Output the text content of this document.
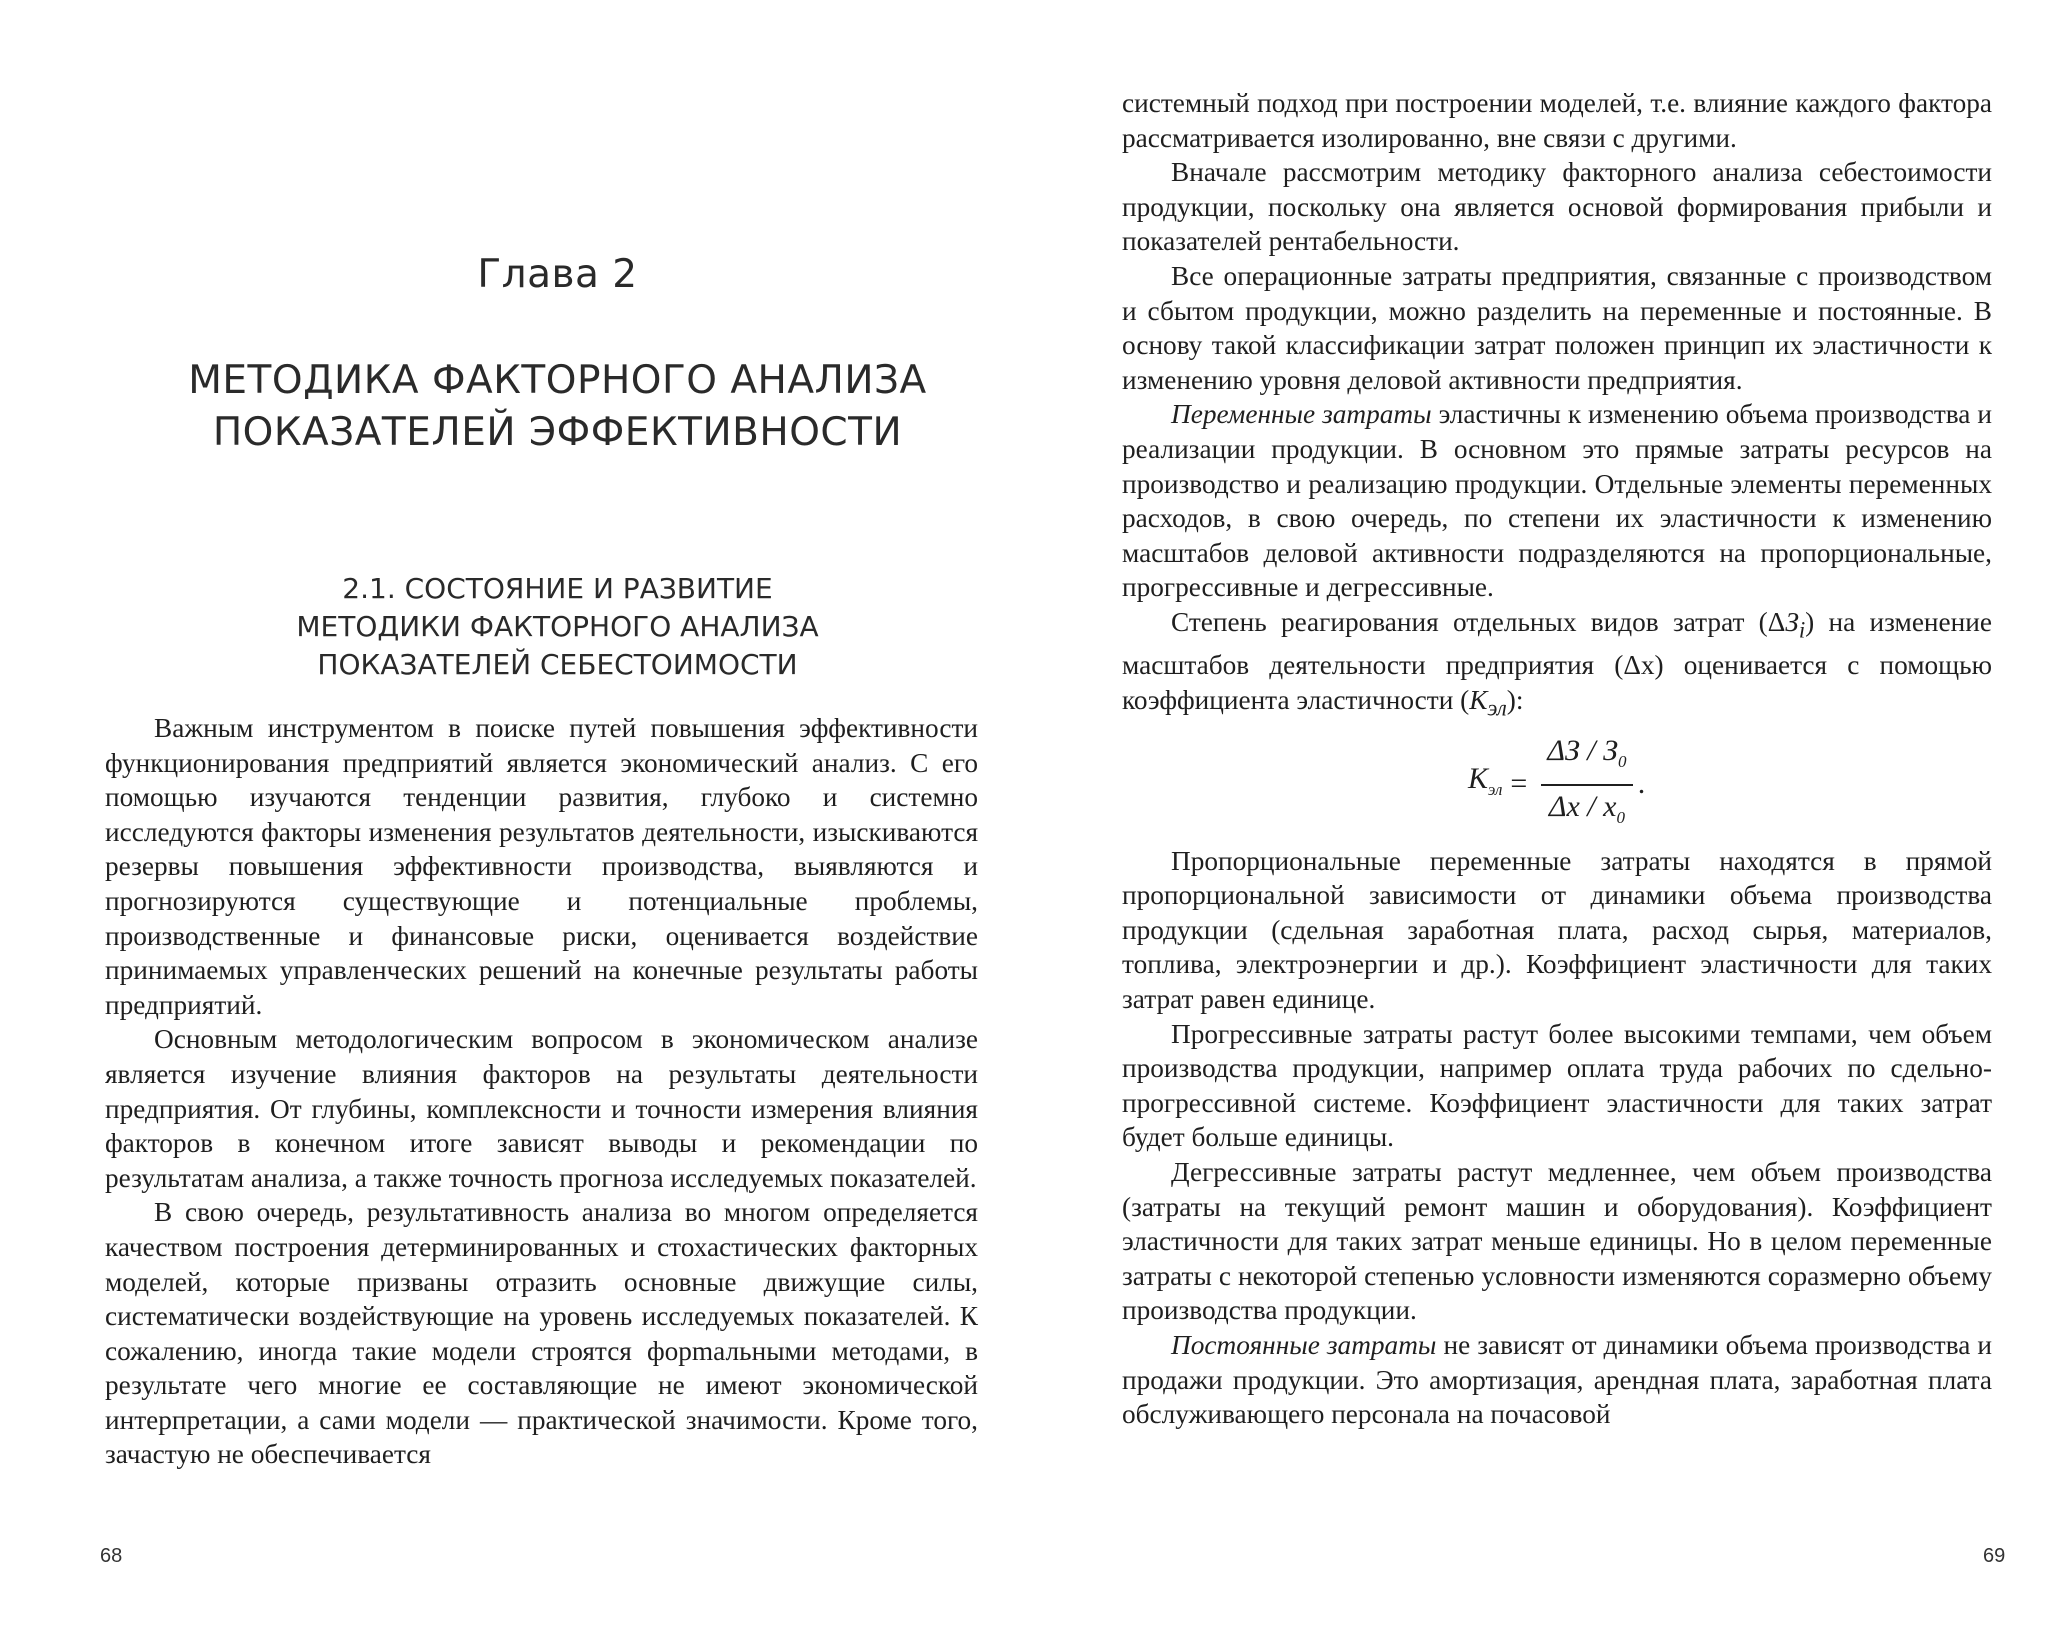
Глава 2
МЕТОДИКА ФАКТОРНОГО АНАЛИЗА
ПОКАЗАТЕЛЕЙ ЭФФЕКТИВНОСТИ
2.1. СОСТОЯНИЕ И РАЗВИТИЕ
МЕТОДИКИ ФАКТОРНОГО АНАЛИЗА
ПОКАЗАТЕЛЕЙ СЕБЕСТОИМОСТИ

Важным инструментом в поиске путей повышения эффективности функционирования предприятий является экономический анализ. С его помощью изучаются тенденции развития, глубоко и системно исследуются факторы изменения результатов деятельности, изыскиваются резервы повышения эффективности производства, выявляются и прогнозируются существующие и потенциальные проблемы, производственные и финансовые риски, оценивается воздействие принимаемых управленческих решений на конечные результаты работы предприятий.

Основным методологическим вопросом в экономическом анализе является изучение влияния факторов на результаты деятельности предприятия. От глубины, комплексности и точности измерения влияния факторов в конечном итоге зависят выводы и рекомендации по результатам анализа, а также точность прогноза исследуемых показателей.

В свою очередь, результативность анализа во многом определяется качеством построения детерминированных и стохастических факторных моделей, которые призваны отразить основные движущие силы, систематически воздействующие на уровень исследуемых показателей. К сожалению, иногда такие модели строятся форmальными методами, в результате чего многие ее составляющие не имеют экономической интерпретации, а сами модели — практической значимости. Кроме того, зачастую не обеспечивается

68

системный подход при построении моделей, т.е. влияние каждого фактора рассматривается изолированно, вне связи с другими.

Вначале рассмотрим методику факторного анализа себестоимости продукции, поскольку она является основой формирования прибыли и показателей рентабельности.

Все операционные затраты предприятия, связанные с производством и сбытом продукции, можно разделить на переменные и постоянные. В основу такой классификации затрат положен принцип их эластичности к изменению уровня деловой активности предприятия.

Переменные затраты эластичны к изменению объема производства и реализации продукции. В основном это прямые затраты ресурсов на производство и реализацию продукции. Отдельные элементы переменных расходов, в свою очередь, по степени их эластичности к изменению масштабов деловой активности подразделяются на пропорциональные, прогрессивные и дегрессивные.

Степень реагирования отдельных видов затрат $(\Delta З_i)$ на изменение масштабов деятельности предприятия (Δx) оценивается с помощью коэффициента эластичности $(К_{эл})$:

$К_{эл} = \frac{\Delta З / З_0}{\Delta x / x_0}$ .

Пропорциональные переменные затраты находятся в прямой пропорциональной зависимости от динамики объема производства продукции (сдельная заработная плата, расход сырья, материалов, топлива, электроэнергии и др.). Коэффициент эластичности для таких затрат равен единице.

Прогрессивные затраты растут более высокими темпами, чем объем производства продукции, например оплата труда рабочих по сдельно-прогрессивной системе. Коэффициент эластичности для таких затрат будет больше единицы.

Дегрессивные затраты растут медленнее, чем объем производства (затраты на текущий ремонт машин и оборудования). Коэффициент эластичности для таких затрат меньше единицы. Но в целом переменные затраты с некоторой степенью условности изменяются соразмерно объему производства продукции.

Постоянные затраты не зависят от динамики объема производства и продажи продукции. Это амортизация, арендная плата, заработная плата обслуживающего персонала на почасовой

69
